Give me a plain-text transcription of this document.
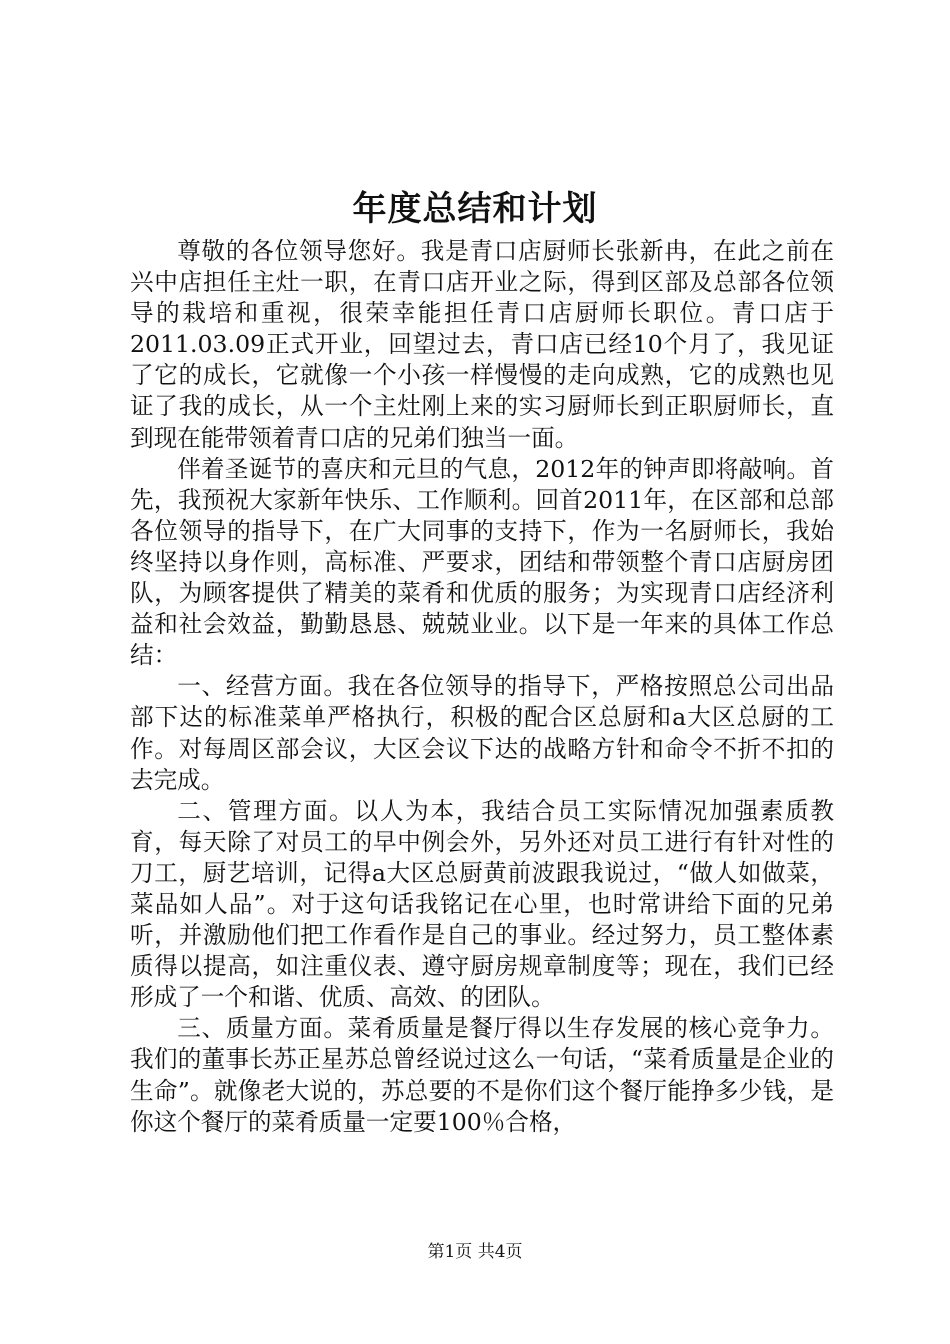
年度总结和计划

尊敬的各位领导您好。我是青口店厨师长张新冉，在此之前在兴中店担任主灶一职，在青口店开业之际，得到区部及总部各位领导的栽培和重视，很荣幸能担任青口店厨师长职位。青口店于2011.03.09正式开业，回望过去，青口店已经10个月了，我见证了它的成长，它就像一个小孩一样慢慢的走向成熟，它的成熟也见证了我的成长，从一个主灶刚上来的实习厨师长到正职厨师长，直到现在能带领着青口店的兄弟们独当一面。

伴着圣诞节的喜庆和元旦的气息，2012年的钟声即将敲响。首先，我预祝大家新年快乐、工作顺利。回首2011年，在区部和总部各位领导的指导下，在广大同事的支持下，作为一名厨师长，我始终坚持以身作则，高标准、严要求，团结和带领整个青口店厨房团队，为顾客提供了精美的菜肴和优质的服务；为实现青口店经济利益和社会效益，勤勤恳恳、兢兢业业。以下是一年来的具体工作总结：

一、经营方面。我在各位领导的指导下，严格按照总公司出品部下达的标准菜单严格执行，积极的配合区总厨和a大区总厨的工作。对每周区部会议，大区会议下达的战略方针和命令不折不扣的去完成。

二、管理方面。以人为本，我结合员工实际情况加强素质教育，每天除了对员工的早中例会外，另外还对员工进行有针对性的刀工，厨艺培训，记得a大区总厨黄前波跟我说过，“做人如做菜，菜品如人品”。对于这句话我铭记在心里，也时常讲给下面的兄弟听，并激励他们把工作看作是自己的事业。经过努力，员工整体素质得以提高，如注重仪表、遵守厨房规章制度等；现在，我们已经形成了一个和谐、优质、高效、的团队。

三、质量方面。菜肴质量是餐厅得以生存发展的核心竞争力。我们的董事长苏正星苏总曾经说过这么一句话，“菜肴质量是企业的生命”。就像老大说的，苏总要的不是你们这个餐厅能挣多少钱，是你这个餐厅的菜肴质量一定要100％合格，

第1页 共4页
